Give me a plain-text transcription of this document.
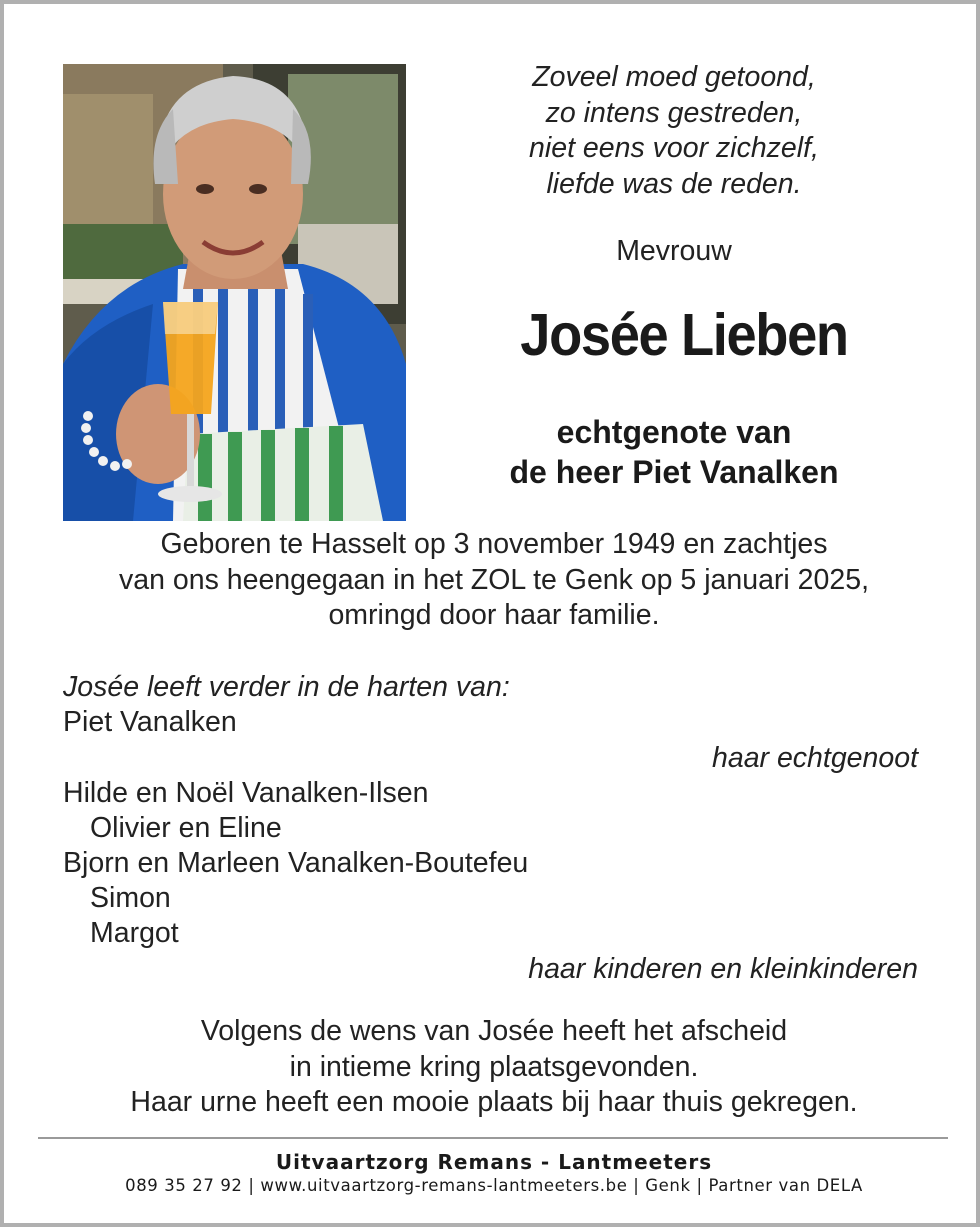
Zoveel moed getoond,
zo intens gestreden,
niet eens voor zichzelf,
liefde was de reden.
Mevrouw
Josée Lieben
echtgenote van
de heer Piet Vanalken
Geboren te Hasselt op 3 november 1949 en zachtjes
van ons heengegaan in het ZOL te Genk op 5 januari 2025,
omringd door haar familie.
Josée leeft verder in de harten van:
Piet Vanalken
haar echtgenoot
Hilde en Noël Vanalken-Ilsen
Olivier en Eline
Bjorn en Marleen Vanalken-Boutefeu
Simon
Margot
haar kinderen en kleinkinderen
Volgens de wens van Josée heeft het afscheid
in intieme kring plaatsgevonden.
Haar urne heeft een mooie plaats bij haar thuis gekregen.
Uitvaartzorg Remans - Lantmeeters
089 35 27 92 | www.uitvaartzorg-remans-lantmeeters.be | Genk | Partner van DELA
